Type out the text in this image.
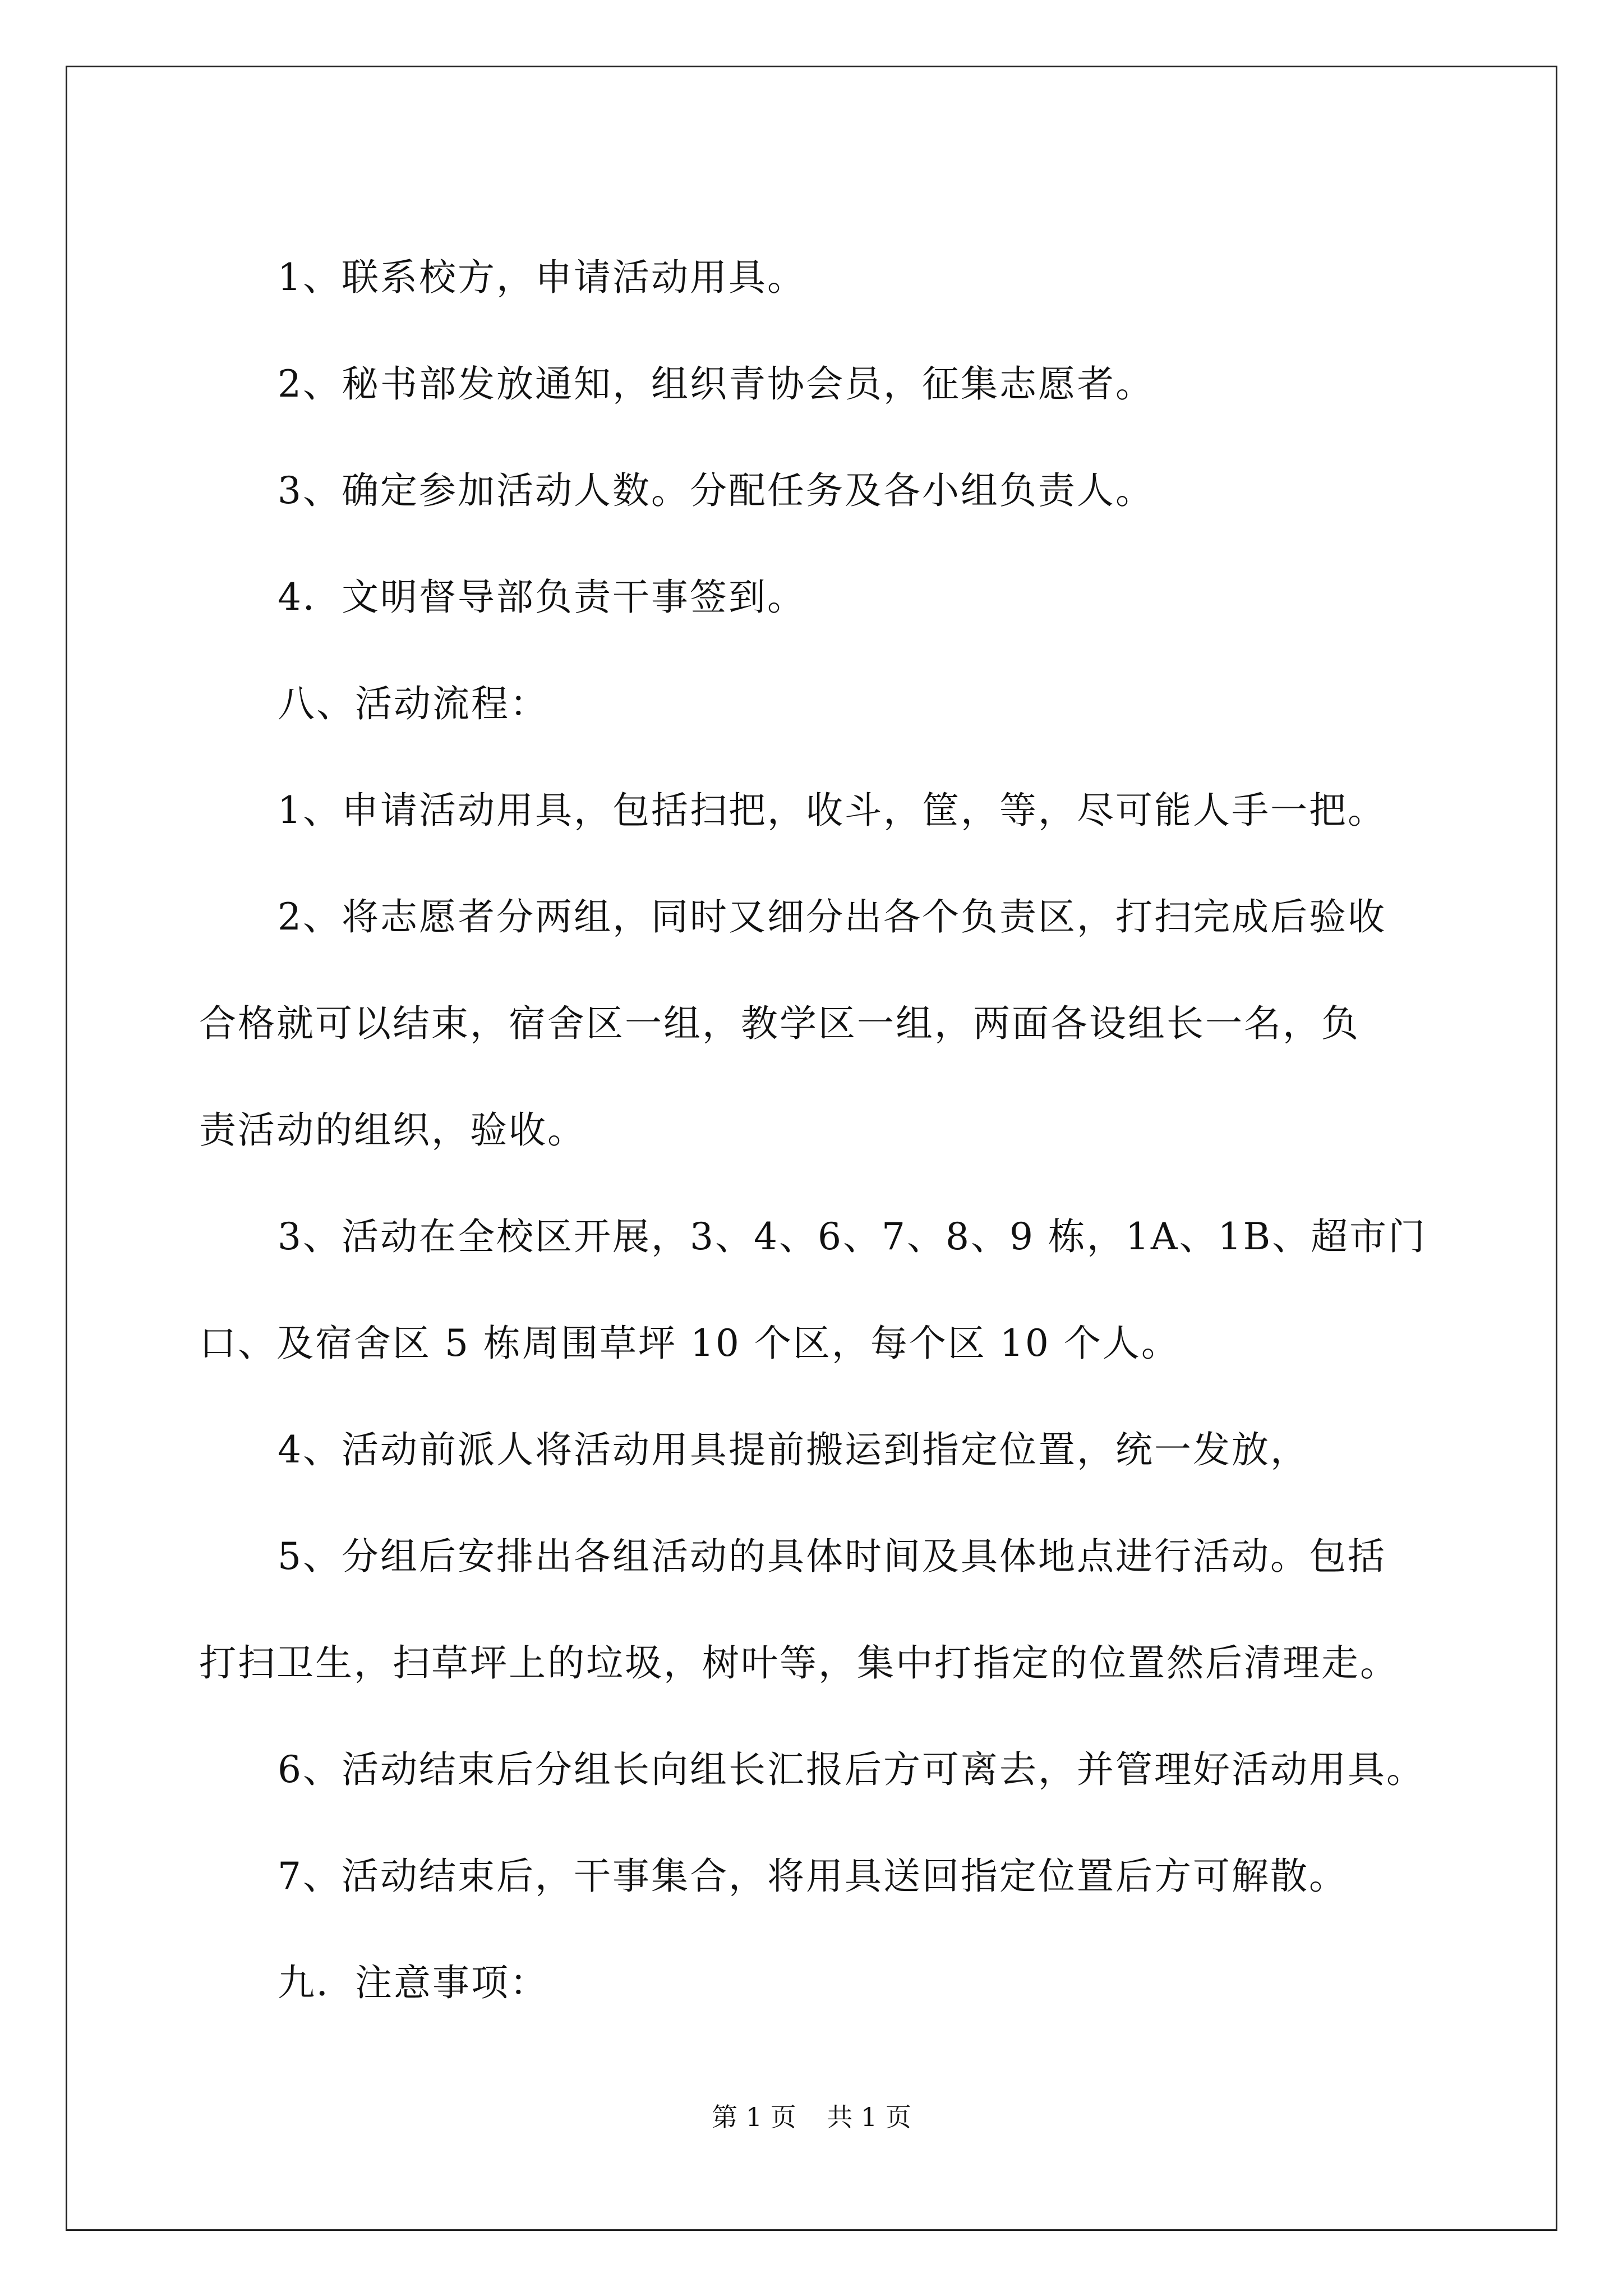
1、联系校方，申请活动用具。

2、秘书部发放通知，组织青协会员，征集志愿者。

3、确定参加活动人数。分配任务及各小组负责人。

4．文明督导部负责干事签到。

八、活动流程：

1、申请活动用具，包括扫把，收斗，筐，等，尽可能人手一把。

2、将志愿者分两组，同时又细分出各个负责区，打扫完成后验收

合格就可以结束，宿舍区一组，教学区一组，两面各设组长一名，负

责活动的组织，验收。

3、活动在全校区开展，3、4、6、7、8、9 栋，1A、1B、超市门

口、及宿舍区 5 栋周围草坪 10 个区，每个区 10 个人。

4、活动前派人将活动用具提前搬运到指定位置，统一发放，

5、分组后安排出各组活动的具体时间及具体地点进行活动。包括

打扫卫生，扫草坪上的垃圾，树叶等，集中打指定的位置然后清理走。

6、活动结束后分组长向组长汇报后方可离去，并管理好活动用具。

7、活动结束后，干事集合，将用具送回指定位置后方可解散。

九．注意事项：

第 1 页 共 1 页
